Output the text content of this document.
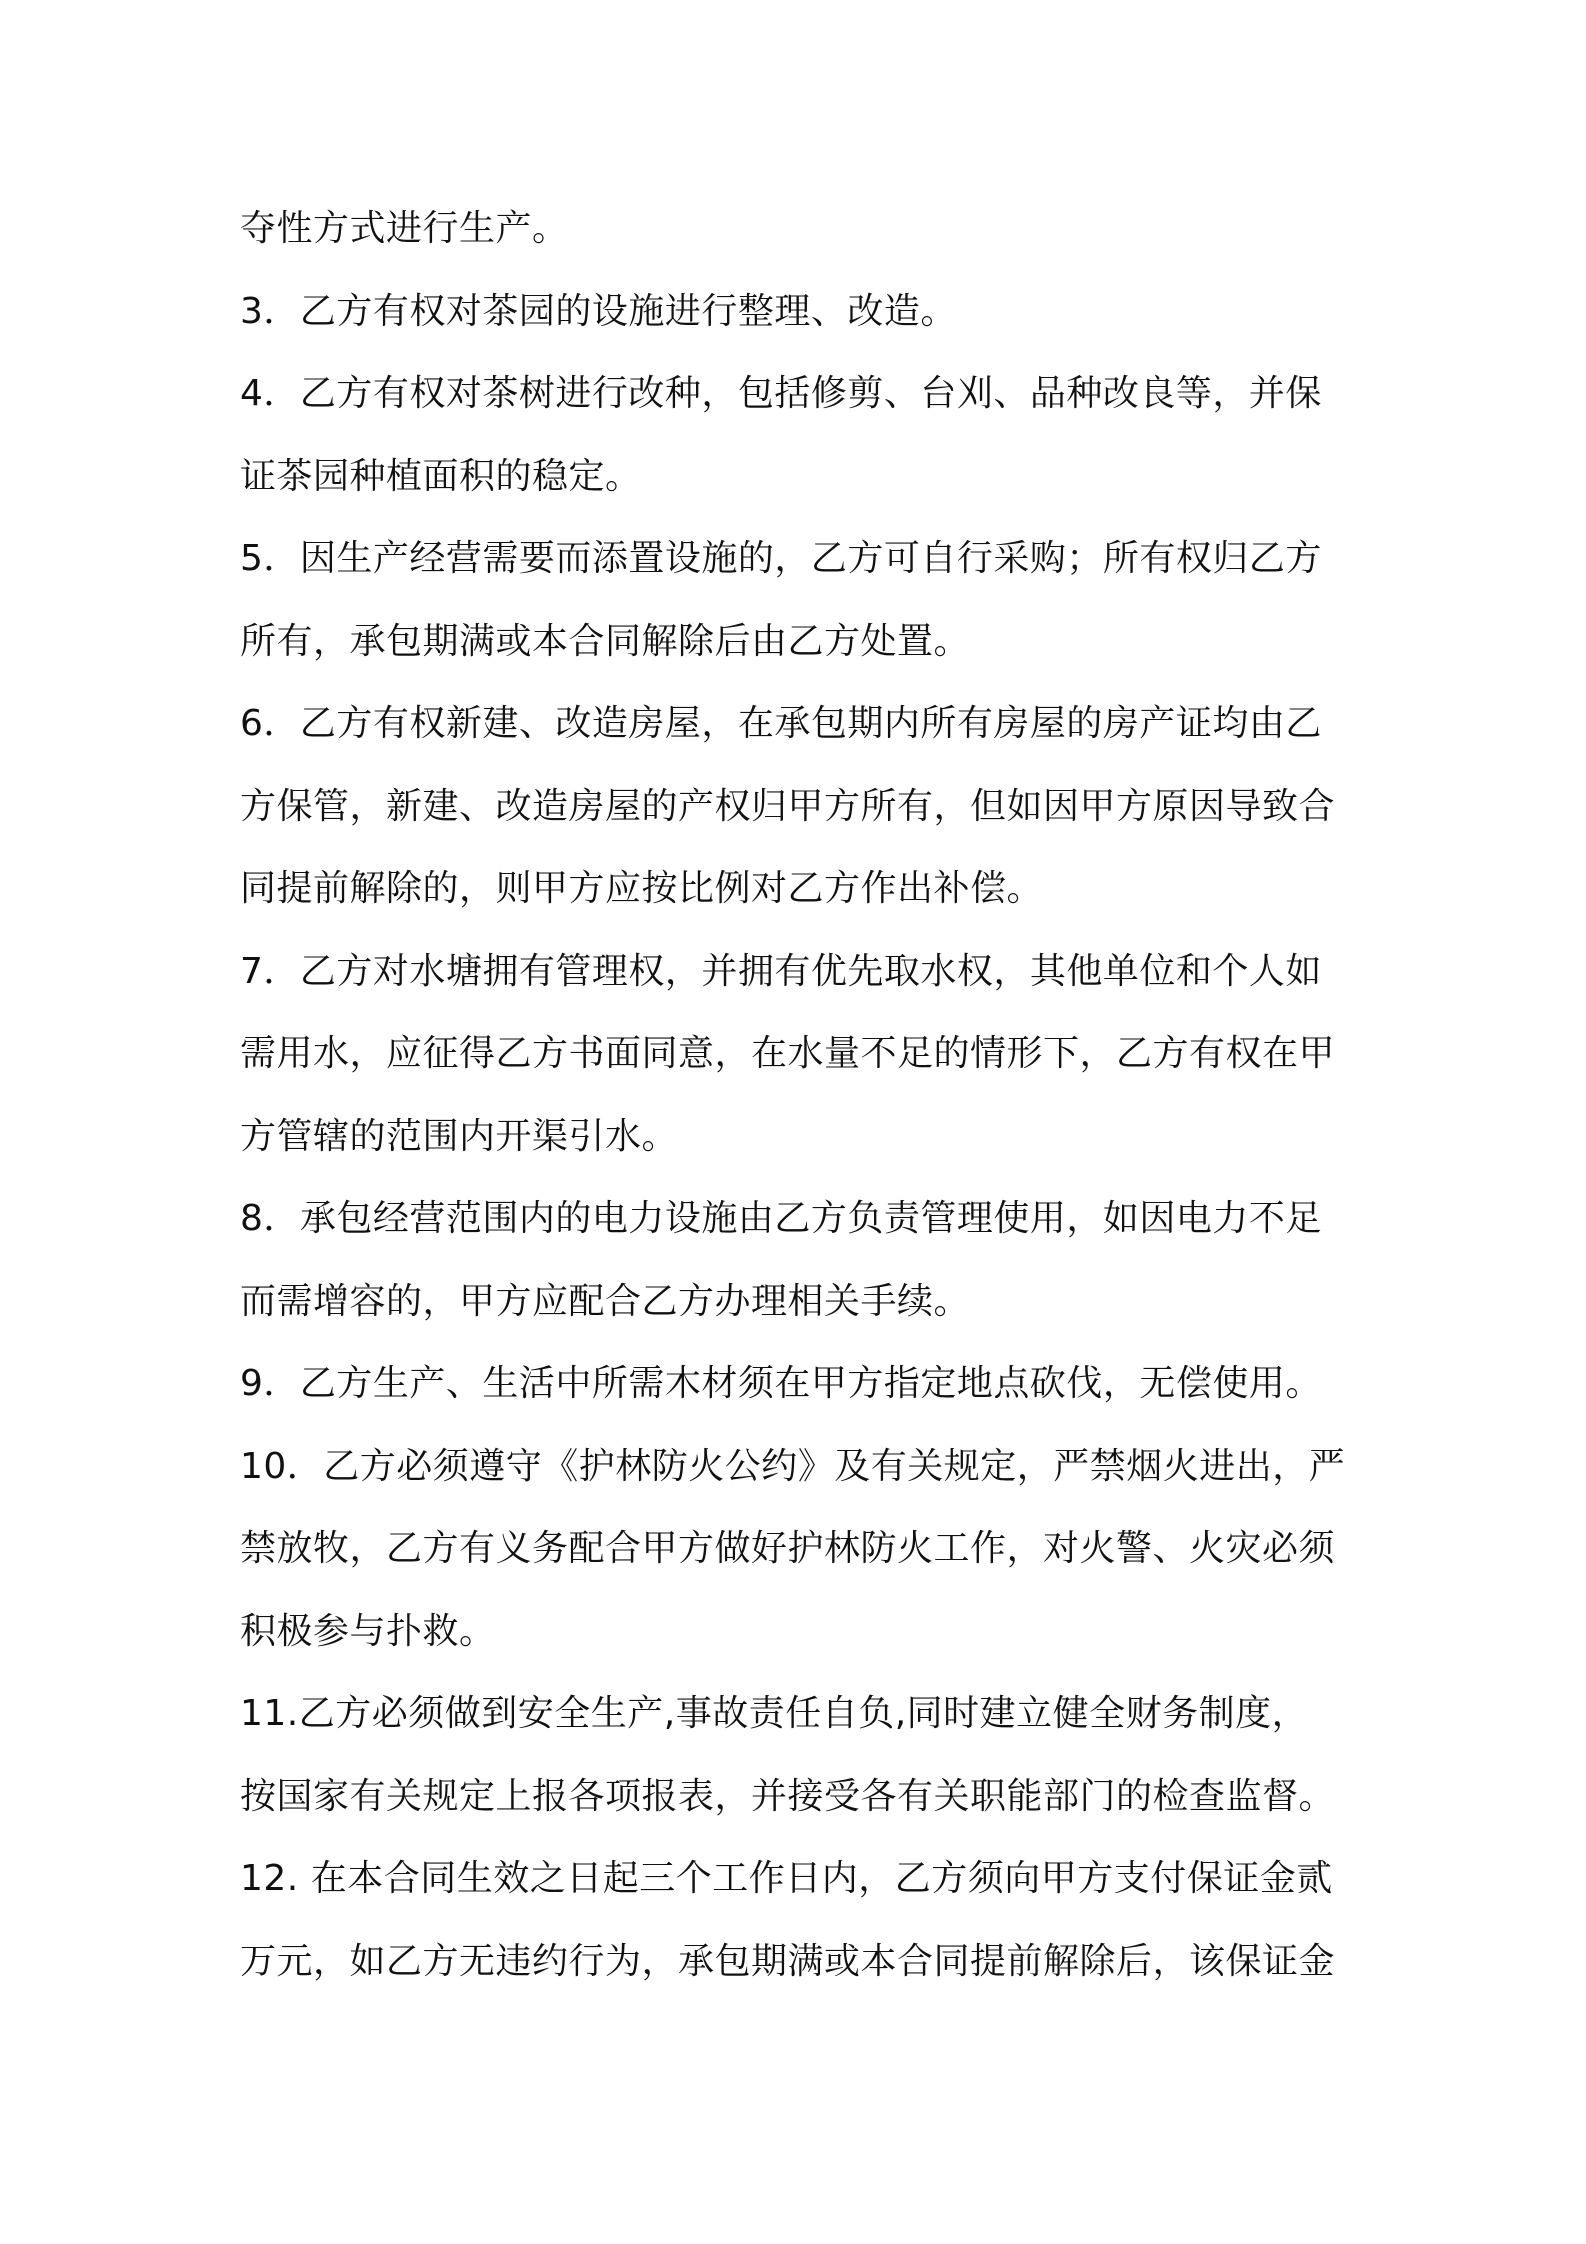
夺性方式进行生产。
3．乙方有权对茶园的设施进行整理、改造。
4．乙方有权对茶树进行改种，包括修剪、台刈、品种改良等，并保
证茶园种植面积的稳定。
5．因生产经营需要而添置设施的，乙方可自行采购；所有权归乙方
所有，承包期满或本合同解除后由乙方处置。
6．乙方有权新建、改造房屋，在承包期内所有房屋的房产证均由乙
方保管，新建、改造房屋的产权归甲方所有，但如因甲方原因导致合
同提前解除的，则甲方应按比例对乙方作出补偿。
7．乙方对水塘拥有管理权，并拥有优先取水权，其他单位和个人如
需用水，应征得乙方书面同意，在水量不足的情形下，乙方有权在甲
方管辖的范围内开渠引水。
8．承包经营范围内的电力设施由乙方负责管理使用，如因电力不足
而需增容的，甲方应配合乙方办理相关手续。
9．乙方生产、生活中所需木材须在甲方指定地点砍伐，无偿使用。
10．乙方必须遵守《护林防火公约》及有关规定，严禁烟火进出，严
禁放牧，乙方有义务配合甲方做好护林防火工作，对火警、火灾必须
积极参与扑救。
11.乙方必须做到安全生产,事故责任自负,同时建立健全财务制度，
按国家有关规定上报各项报表，并接受各有关职能部门的检查监督。
12. 在本合同生效之日起三个工作日内，乙方须向甲方支付保证金贰
万元，如乙方无违约行为，承包期满或本合同提前解除后，该保证金
